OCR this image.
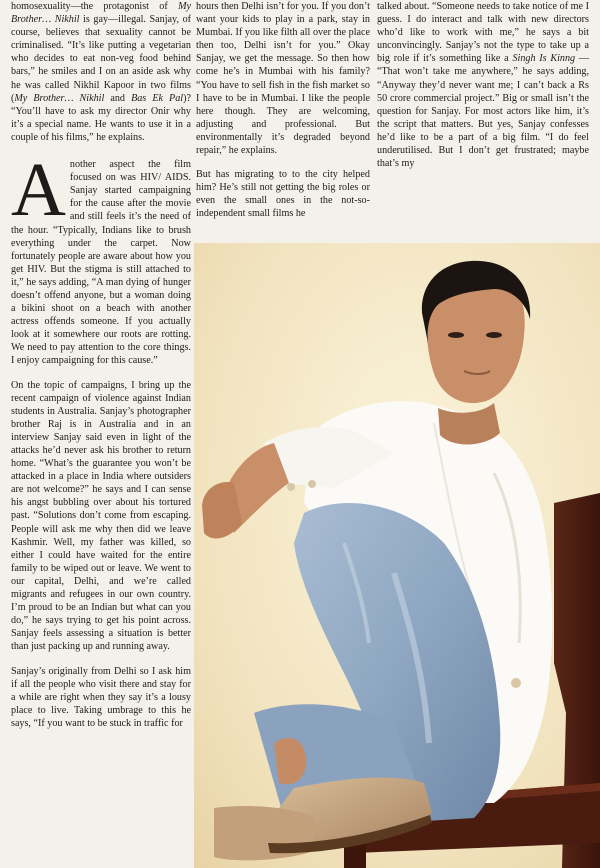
homosexuality—the protagonist of My Brother… Nikhil is gay—illegal. Sanjay, of course, believes that sexuality cannot be criminalised. “It’s like putting a vegetarian who decides to eat non-veg food behind bars,” he smiles and I on an aside ask why he was called Nikhil Kapoor in two films (My Brother… Nikhil and Bas Ek Pal)? “You’ll have to ask my director Onir why it’s a special name. He wants to use it in a couple of his films,” he explains.

Another aspect the film focused on was HIV/ AIDS. Sanjay started campaigning for the cause after the movie and still feels it’s the need of the hour. “Typically, Indians like to brush everything under the carpet. Now fortunately people are aware about how you get HIV. But the stigma is still attached to it,” he says adding, “A man dying of hunger doesn’t offend anyone, but a woman doing a bikini shoot on a beach with another actress offends someone. If you actually look at it somewhere our roots are rotting. We need to pay attention to the core things. I enjoy campaigning for this cause.”

On the topic of campaigns, I bring up the recent campaign of violence against Indian students in Australia. Sanjay’s photographer brother Raj is in Australia and in an interview Sanjay said even in light of the attacks he’d never ask his brother to return home. “What’s the guarantee you won’t be attacked in a place in India where outsiders are not welcome?” he says and I can sense his angst bubbling over about his tortured past. “Solutions don’t come from escaping. People will ask me why then did we leave Kashmir. Well, my father was killed, so either I could have waited for the entire family to be wiped out or leave. We went to our capital, Delhi, and we’re called migrants and refugees in our own country. I’m proud to be an Indian but what can you do,” he says trying to get his point across. Sanjay feels assessing a situation is better than just packing up and running away.

Sanjay’s originally from Delhi so I ask him if all the people who visit there and stay for a while are right when they say it’s a lousy place to live. Taking umbrage to this he says, “If you want to be stuck in traffic for

hours then Delhi isn’t for you. If you don’t want your kids to play in a park, stay in Mumbai. If you like filth all over the place then too, Delhi isn’t for you.” Okay Sanjay, we get the message. So then how come he’s in Mumbai with his family? “You have to sell fish in the fish market so I have to be in Mumbai. I like the people here though. They are welcoming, adjusting and professional. But environmentally it’s degraded beyond repair,” he explains.

But has migrating to to the city helped him? He’s still not getting the big roles or even the small ones in the not-so-independent small films he

talked about. “Someone needs to take notice of me I guess. I do interact and talk with new directors who’d like to work with me,” he says a bit unconvincingly. Sanjay’s not the type to take up a big role if it’s something like a Singh Is Kinng — “That won’t take me anywhere,” he says adding, “Anyway they’d never want me; I can’t back a Rs 50 crore commercial project.” Big or small isn’t the question for Sanjay. For most actors like him, it’s the script that matters. But yes, Sanjay confesses he’d like to be a part of a big film. “I do feel underutilised. But I don’t get frustrated; maybe that’s my
